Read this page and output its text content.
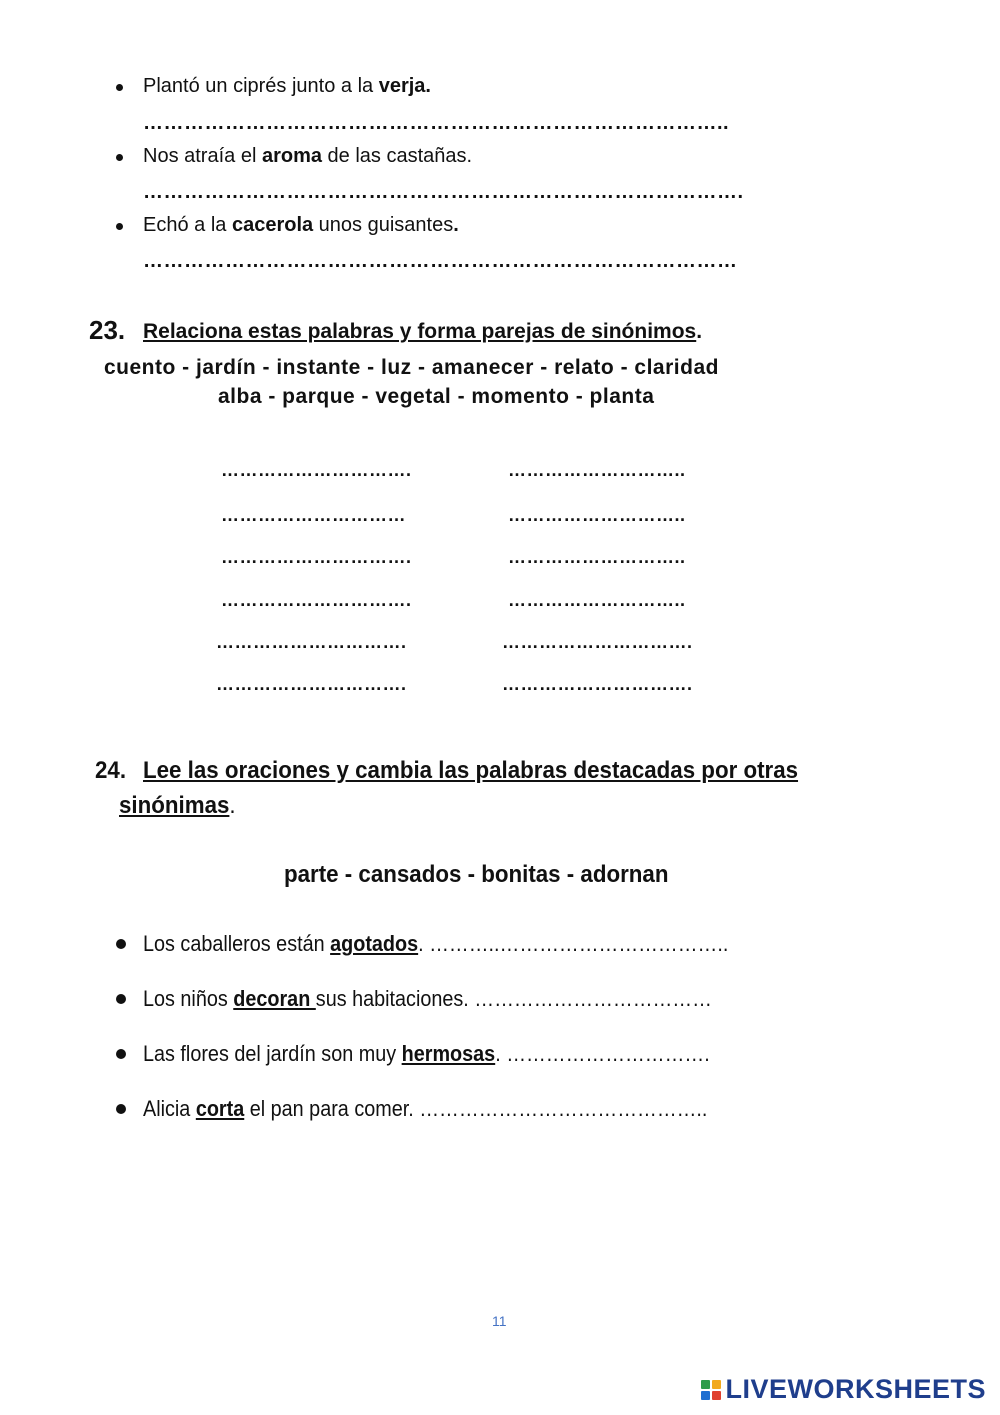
Plantó un ciprés junto a la verja.
…………………………………………………………………………..
Nos atraía el aroma de las castañas.
…………………………………………………………………………….
Echó a la cacerola unos guisantes.
……………………………………………………………………………
23. Relaciona estas palabras y forma parejas de sinónimos.
cuento - jardín - instante - luz - amanecer - relato - claridad
alba - parque - vegetal - momento - planta
………………………….	………………………..
…………………………	………………………..
………………………….	………………………..
………………………….	………………………..
………………………….	………………………….
………………………….	………………………….
24. Lee las oraciones y cambia las palabras destacadas por otras
sinónimas.
parte - cansados - bonitas - adornan
Los caballeros están agotados. ………..……………………………..
Los niños decoran sus habitaciones. ………………………………
Las flores del jardín son muy hermosas. ………………………….
Alicia corta el pan para comer. ……………………………………..
11
LIVEWORKSHEETS
